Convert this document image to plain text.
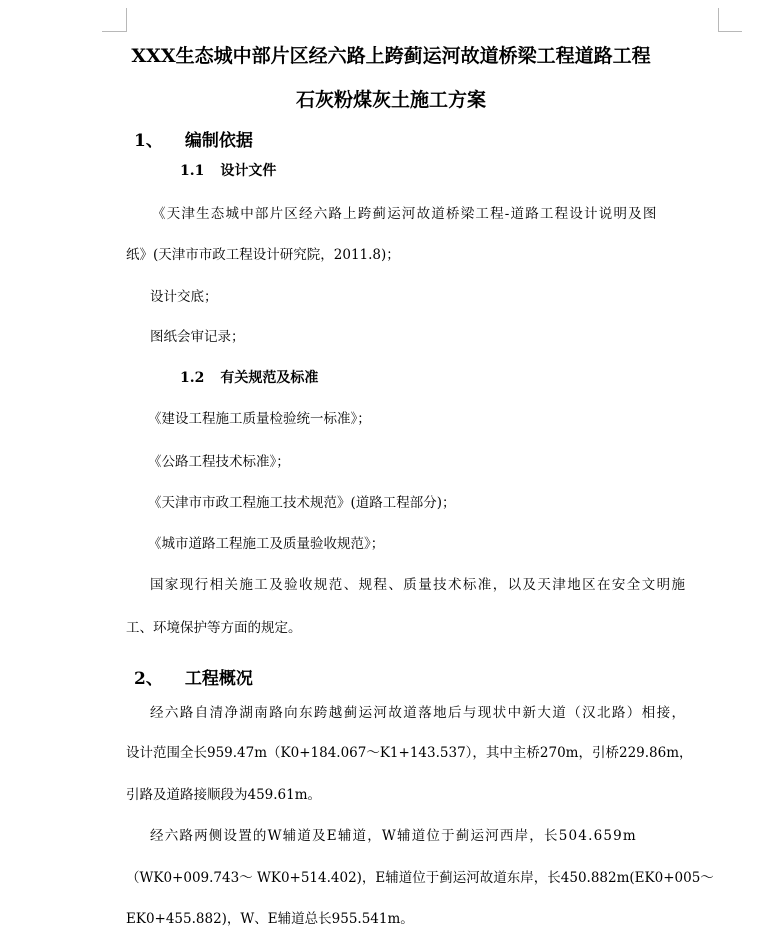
XXX生态城中部片区经六路上跨蓟运河故道桥梁工程道路工程
石灰粉煤灰土施工方案
1、 编制依据
1.1 设计文件
《天津生态城中部片区经六路上跨蓟运河故道桥梁工程-道路工程设计说明及图
纸》(天津市市政工程设计研究院，2011.8)；
设计交底；
图纸会审记录；
1.2 有关规范及标准
《建设工程施工质量检验统一标准》；
《公路工程技术标准》；
《天津市市政工程施工技术规范》(道路工程部分)；
《城市道路工程施工及质量验收规范》；
国家现行相关施工及验收规范、规程、质量技术标准，以及天津地区在安全文明施
工、环境保护等方面的规定。
2、 工程概况
经六路自清净湖南路向东跨越蓟运河故道落地后与现状中新大道（汉北路）相接，
设计范围全长959.47m（K0+184.067～K1+143.537），其中主桥270m，引桥229.86m，
引路及道路接顺段为459.61m。
经六路两侧设置的W辅道及E辅道，W辅道位于蓟运河西岸，长504.659m
（WK0+009.743～ WK0+514.402)，E辅道位于蓟运河故道东岸，长450.882m(EK0+005～
EK0+455.882)，W、E辅道总长955.541m。
